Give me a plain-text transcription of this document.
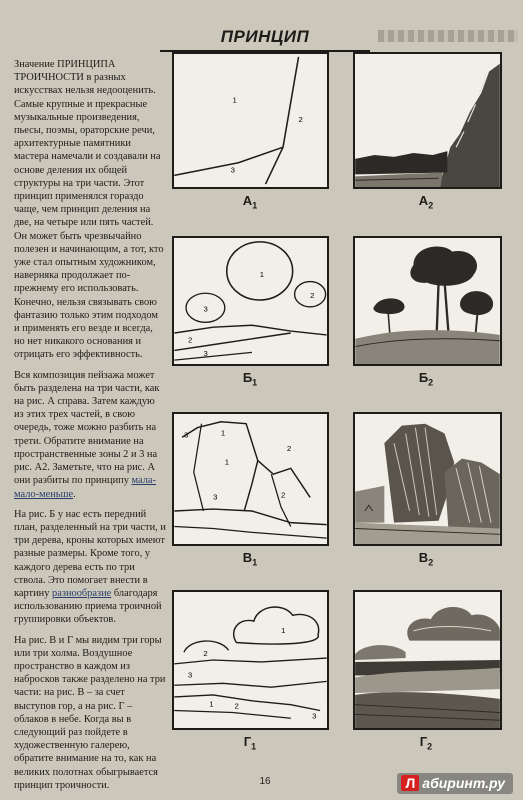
ПРИНЦИП

Значение ПРИНЦИПА ТРОИЧНОСТИ в разных искусствах нельзя недооценить. Самые крупные и прекрасные музыкальные произведения, пьесы, поэмы, ораторские речи, архитектурные памятники мастера намечали и создавали на основе деления их общей структуры на три части. Этот принцип применялся гораздо чаще, чем принцип деления на две, на четыре или пять частей. Он может быть чрезвычайно полезен и начинающим, а тот, кто уже стал опытным художником, наверняка продолжает по-прежнему его использовать. Конечно, нельзя связывать свою фантазию только этим подходом и применять его везде и всегда, но нет никакого основания и отрицать его эффективность.

Вся композиция пейзажа может быть разделена на три части, как на рис. А справа. Затем каждую из этих трех частей, в свою очередь, тоже можно разбить на трети. Обратите внимание на пространственные зоны 2 и 3 на рис. А2. Заметьте, что на рис. А они разбиты по принципу мала-мало-меньше.

На рис. Б у нас есть передний план, разделенный на три части, и три дерева, кроны которых имеют разные размеры. Кроме того, у каждого дерева есть по три ствола. Это помогает внести в картину разнообразие благодаря использованию приема троичной группировки объектов.

На рис. В и Г мы видим три горы или три холма. Воздушное пространство в каждом из набросков также разделено на три части: на рис. В – за счет выступов гор, а на рис. Г – облаков в небе. Когда вы в следующий раз пойдете в художественную галерею, обратите внимание на то, как на великих полотнах обыгрывается принцип троичности.

1
2
3
$А_1$	$А_2$
1
2
3
2
3
$Б_1$	$Б_2$
3	1
2
1
2
3
$В_1$	$В_2$
1
2
3
1	2
3
$Г_1$	$Г_2$
16	Л абиринт.ру
